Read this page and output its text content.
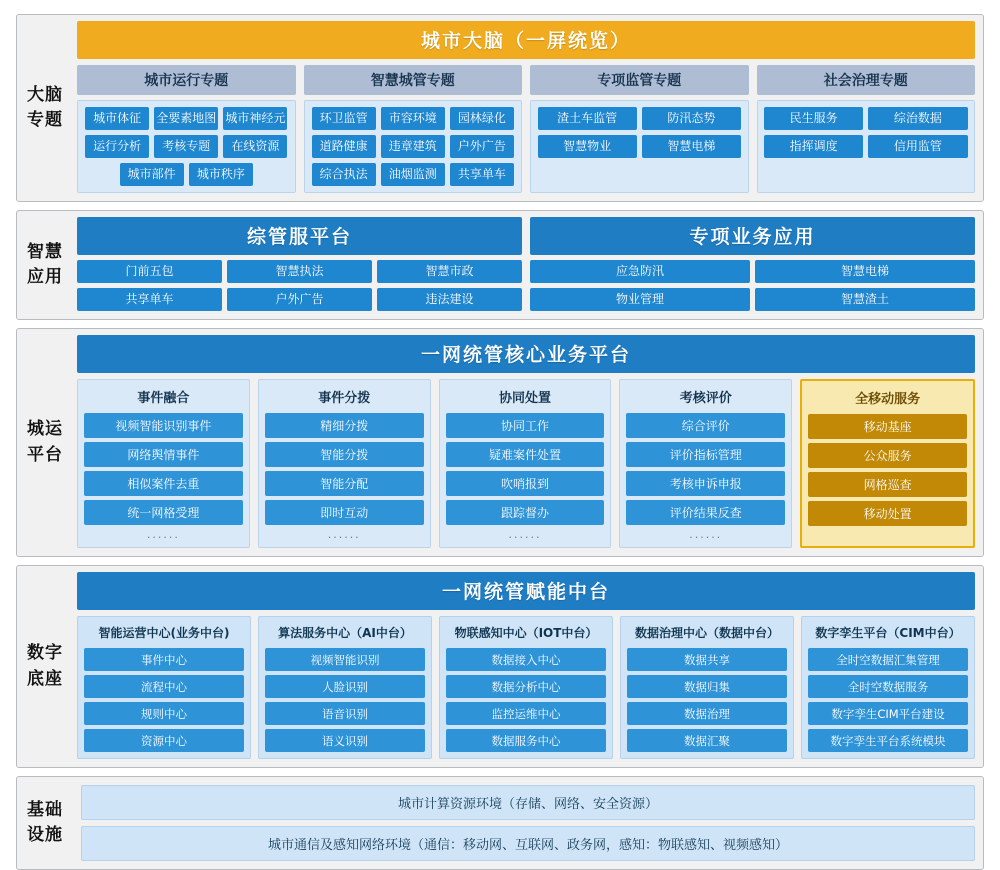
大脑
专题
城市大脑（一屏统览）
城市运行专题
城市体征	全要素地图 城市神经元
运行分析	考核专题	在线资源
城市部件	城市秩序
智慧城管专题
环卫监管	市容环境	园林绿化
道路健康	违章建筑	户外广告
综合执法	油烟监测	共享单车
专项监管专题
渣土车监管	防汛态势
智慧物业	智慧电梯
社会治理专题
民生服务	综治数据
指挥调度	信用监管
智慧
应用
综管服平台
门前五包	智慧执法	智慧市政
共享单车	户外广告	违法建设
专项业务应用
应急防汛	智慧电梯
物业管理	智慧渣土
城运
平台
一网统管核心业务平台
事件融合
视频智能识别事件
网络舆情事件
相似案件去重
统一网格受理
......
事件分拨
精细分拨
智能分拨
智能分配
即时互动
......
协同处置
协同工作
疑难案件处置
吹哨报到
跟踪督办
......
考核评价
综合评价
评价指标管理
考核申诉申报
评价结果反查
......
全移动服务
移动基座
公众服务
网格巡查
移动处置
数字
底座
一网统管赋能中台
智能运营中心(业务中台)
事件中心
流程中心
规则中心
资源中心
算法服务中心（AI中台）
视频智能识别
人脸识别
语音识别
语义识别
物联感知中心（IOT中台）
数据接入中心
数据分析中心
监控运维中心
数据服务中心
数据治理中心（数据中台）
数据共享
数据归集
数据治理
数据汇聚
数字孪生平台（CIM中台）
全时空数据汇集管理
全时空数据服务
数字孪生CIM平台建设
数字孪生平台系统模块
基础
设施
城市计算资源环境（存储、网络、安全资源）
城市通信及感知网络环境（通信：移动网、互联网、政务网，感知：物联感知、视频感知）
